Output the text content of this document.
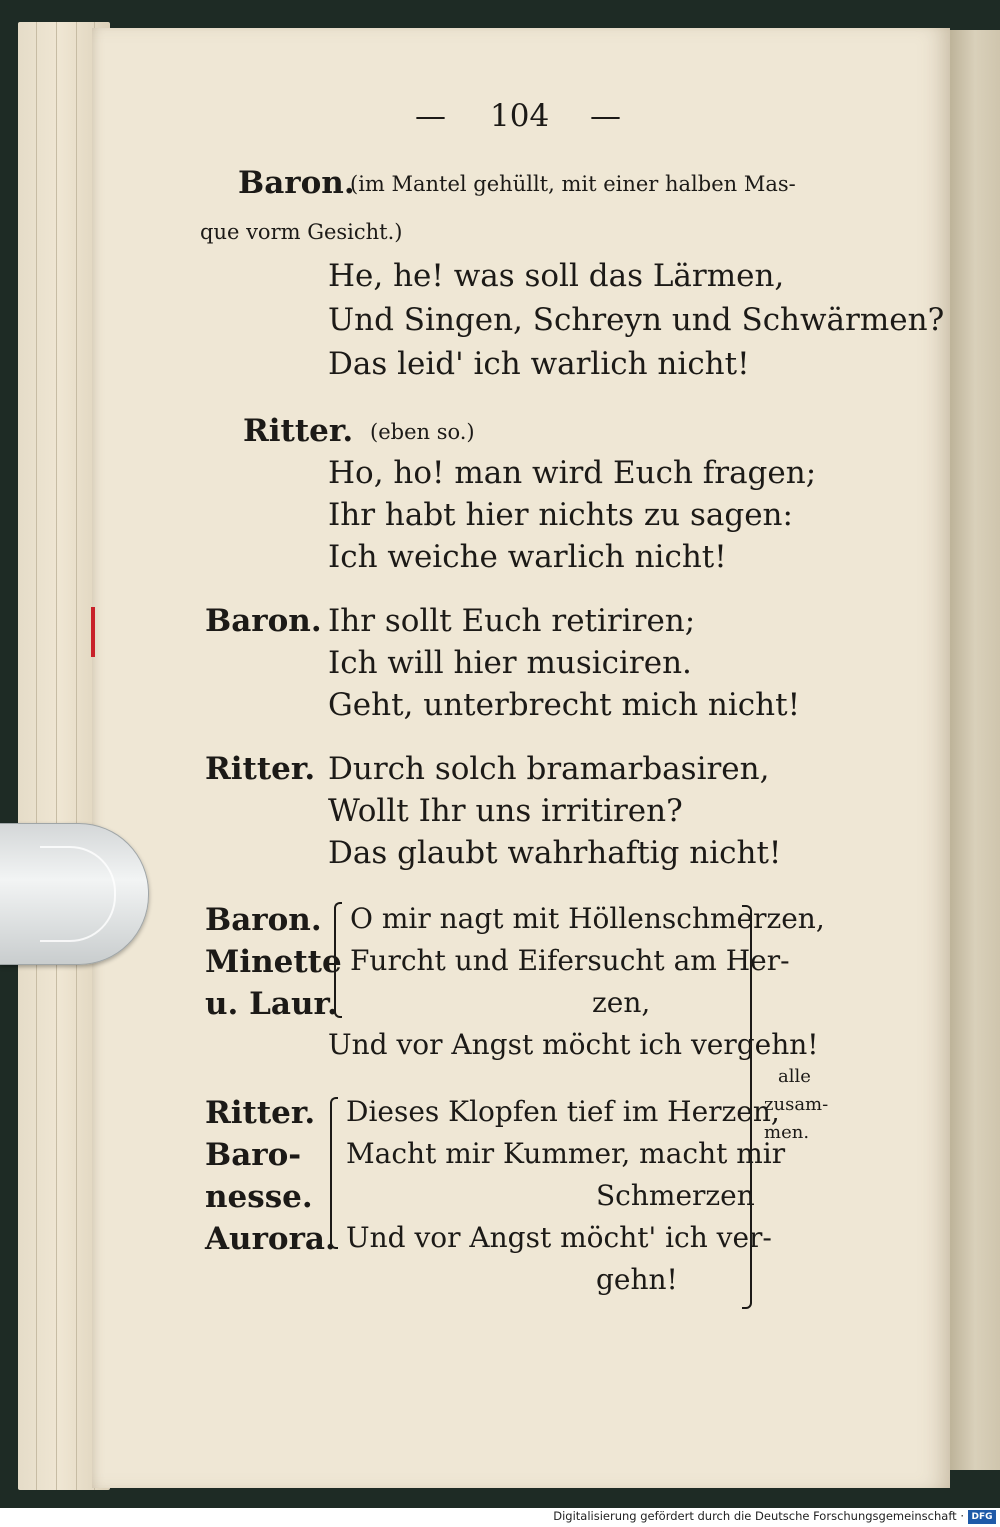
— 104 —
Baron.
(im Mantel gehüllt, mit einer halben Mas-
que vorm Gesicht.)
He, he! was soll das Lärmen,
Und Singen, Schreyn und Schwärmen?
Das leid' ich warlich nicht!
Ritter. (eben so.)
Ho, ho! man wird Euch fragen;
Ihr habt hier nichts zu sagen:
Ich weiche warlich nicht!
Baron. Ihr sollt Euch retiriren;
Ich will hier musiciren.
Geht, unterbrecht mich nicht!
Ritter. Durch solch bramarbasiren,
Wollt Ihr uns irritiren?
Das glaubt wahrhaftig nicht!
Baron.
Minette
u. Laur.
O mir nagt mit Höllenschmerzen,
Furcht und Eifersucht am Her-
zen,
Und vor Angst möcht ich vergehn!
Ritter.
Baro-
nesse.
Aurora.
Dieses Klopfen tief im Herzen,
Macht mir Kummer, macht mir
Schmerzen
Und vor Angst möcht' ich ver-
gehn!
alle
zusam-
men.
Digitalisierung gefördert durch die Deutsche Forschungsgemeinschaft · DFG
